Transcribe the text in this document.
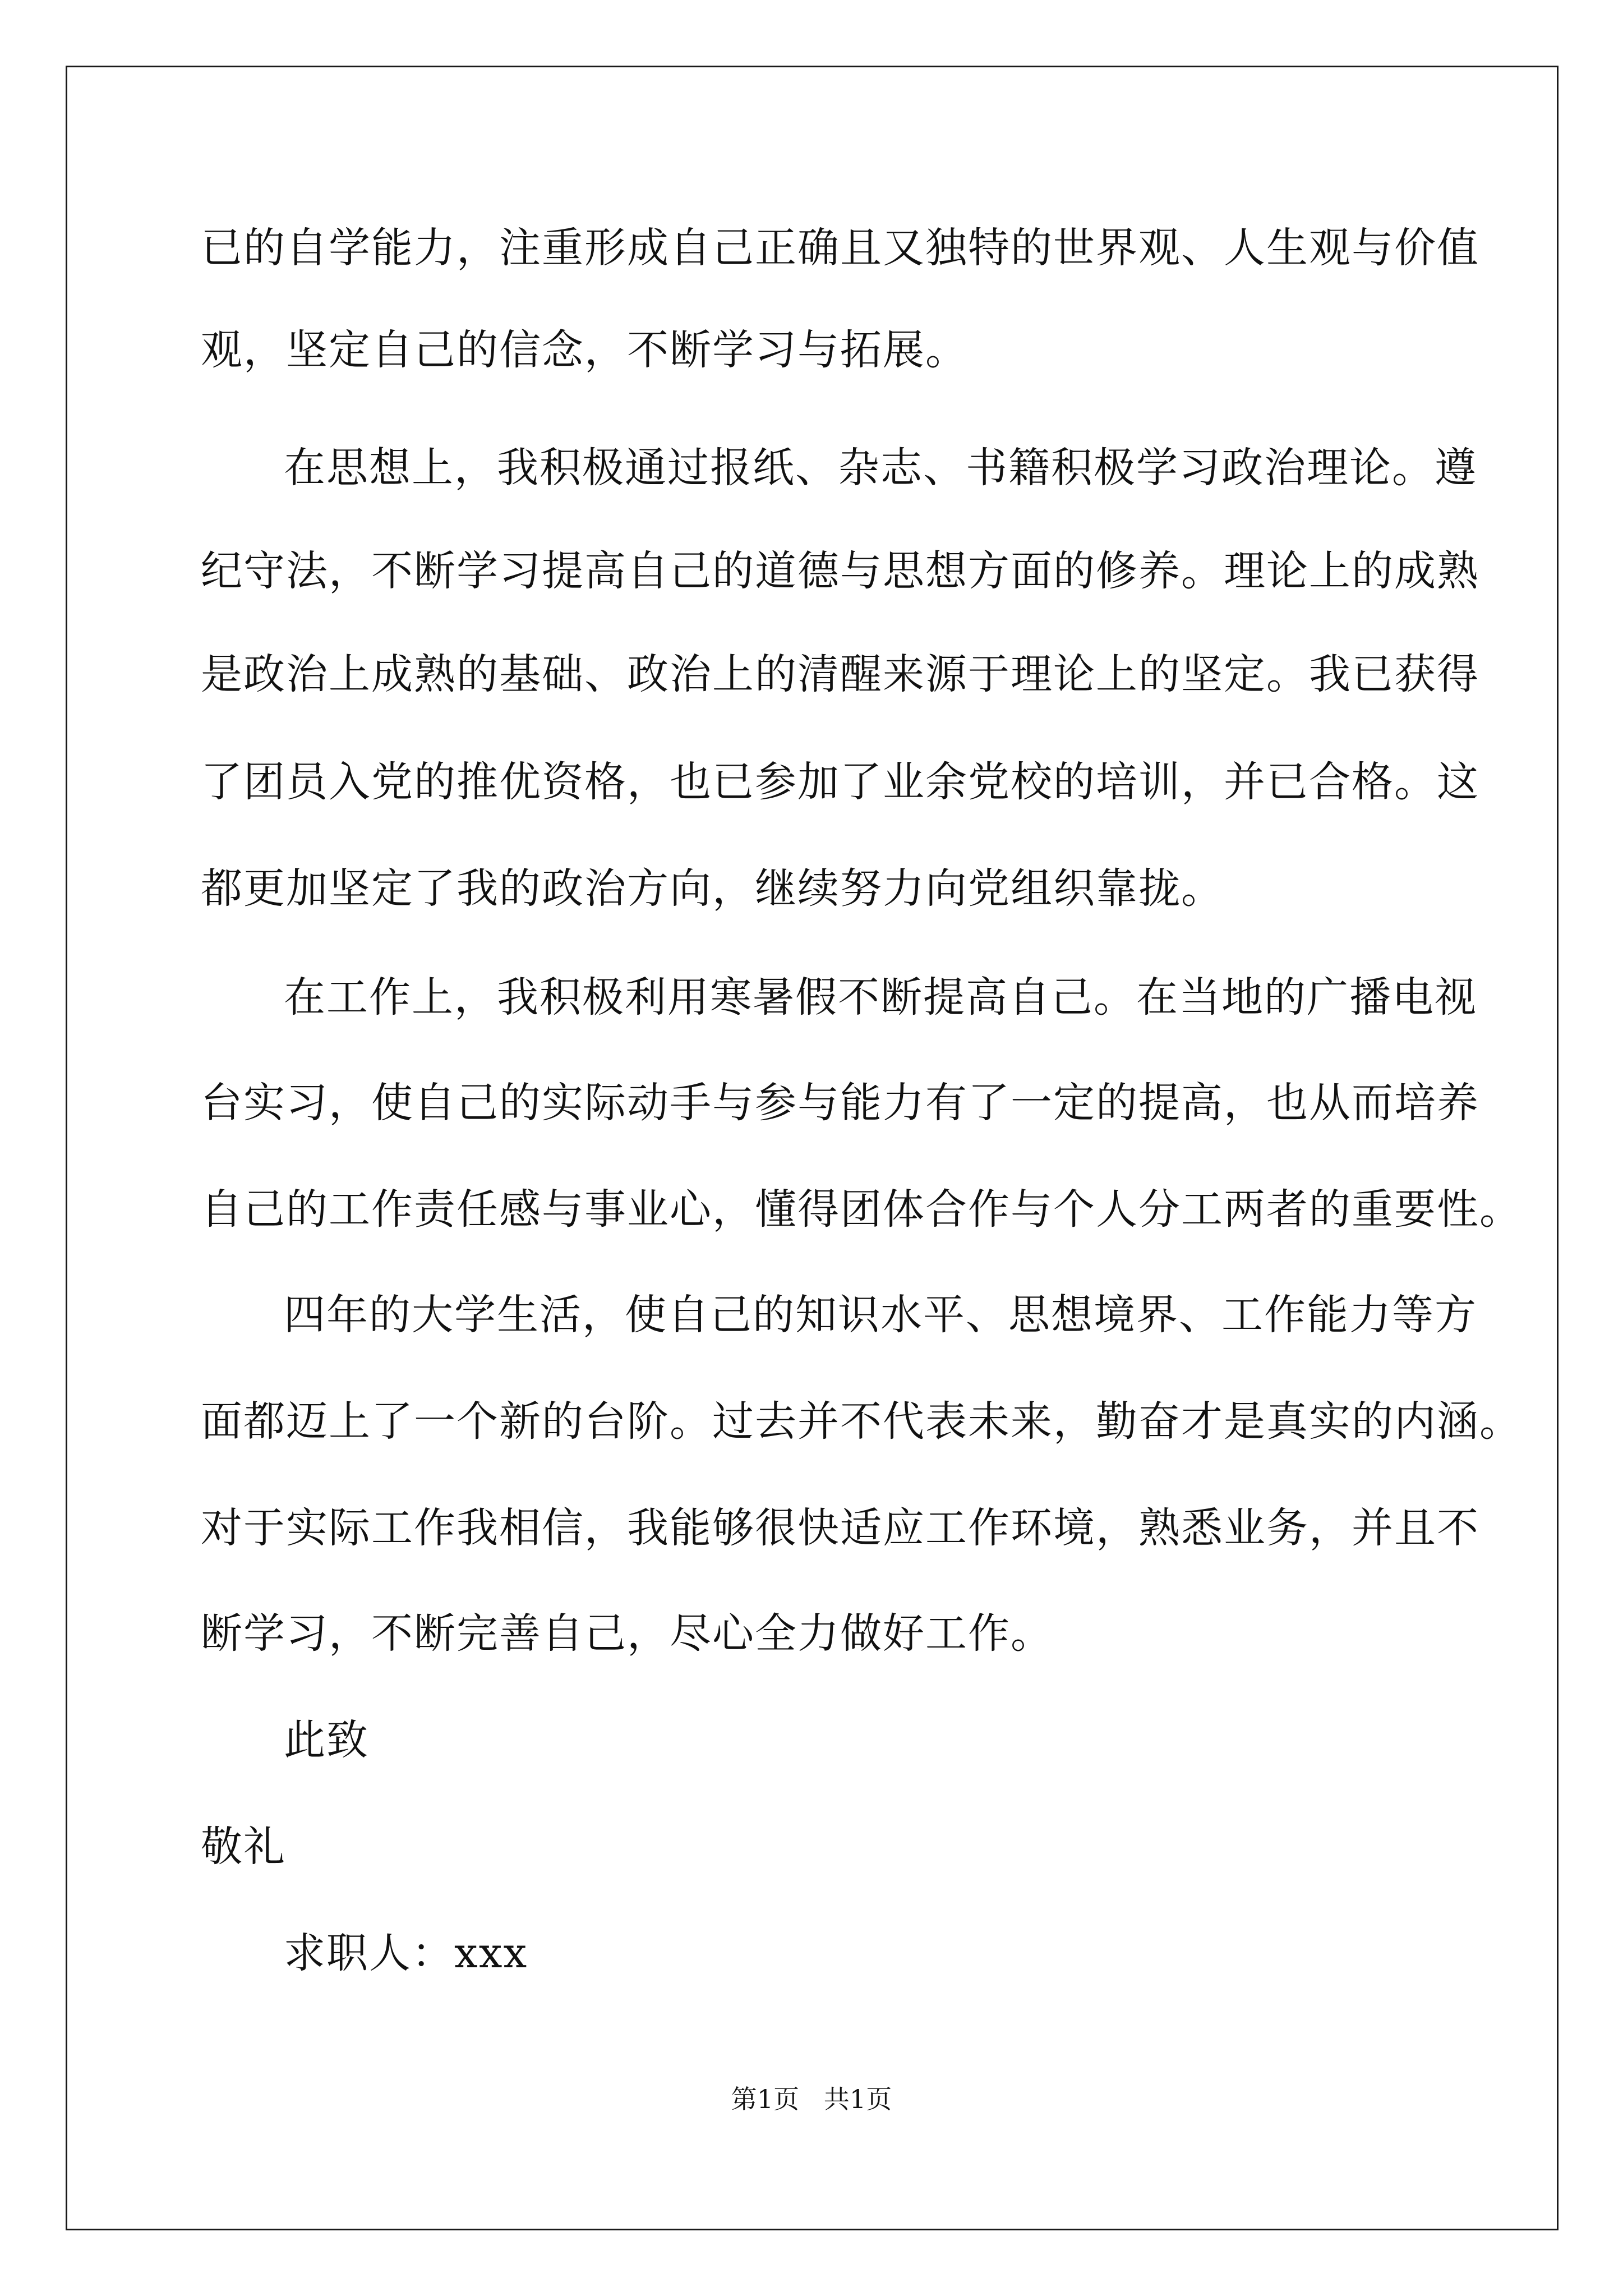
已的自学能力，注重形成自己正确且又独特的世界观、人生观与价值
观，坚定自己的信念，不断学习与拓展。
在思想上，我积极通过报纸、杂志、书籍积极学习政治理论。遵
纪守法，不断学习提高自己的道德与思想方面的修养。理论上的成熟
是政治上成熟的基础、政治上的清醒来源于理论上的坚定。我已获得
了团员入党的推优资格，也已参加了业余党校的培训，并已合格。这
都更加坚定了我的政治方向，继续努力向党组织靠拢。
在工作上，我积极利用寒暑假不断提高自己。在当地的广播电视
台实习，使自己的实际动手与参与能力有了一定的提高，也从而培养
自己的工作责任感与事业心，懂得团体合作与个人分工两者的重要性。
四年的大学生活，使自己的知识水平、思想境界、工作能力等方
面都迈上了一个新的台阶。过去并不代表未来，勤奋才是真实的内涵。
对于实际工作我相信，我能够很快适应工作环境，熟悉业务，并且不
断学习，不断完善自己，尽心全力做好工作。
此致
敬礼
求职人：xxx
第1页   共1页
